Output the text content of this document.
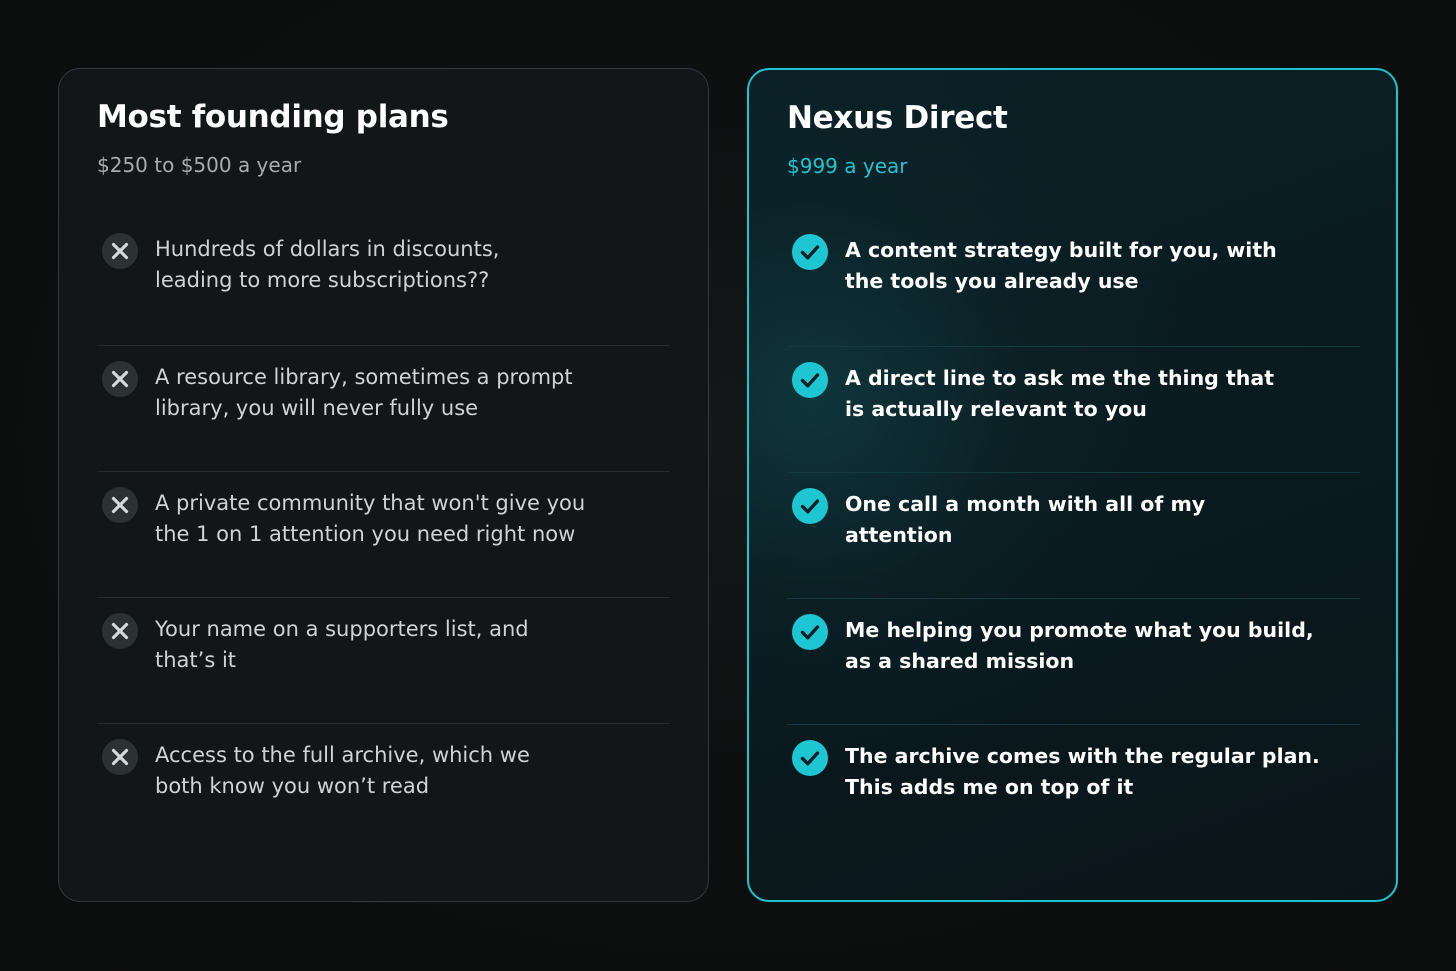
Most founding plans
$250 to $500 a year
Hundreds of dollars in discounts,
leading to more subscriptions??
A resource library, sometimes a prompt
library, you will never fully use
A private community that won't give you
the 1 on 1 attention you need right now
Your name on a supporters list, and
that’s it
Access to the full archive, which we
both know you won’t read
Nexus Direct
$999 a year
A content strategy built for you, with
the tools you already use
A direct line to ask me the thing that
is actually relevant to you
One call a month with all of my
attention
Me helping you promote what you build,
as a shared mission
The archive comes with the regular plan.
This adds me on top of it
